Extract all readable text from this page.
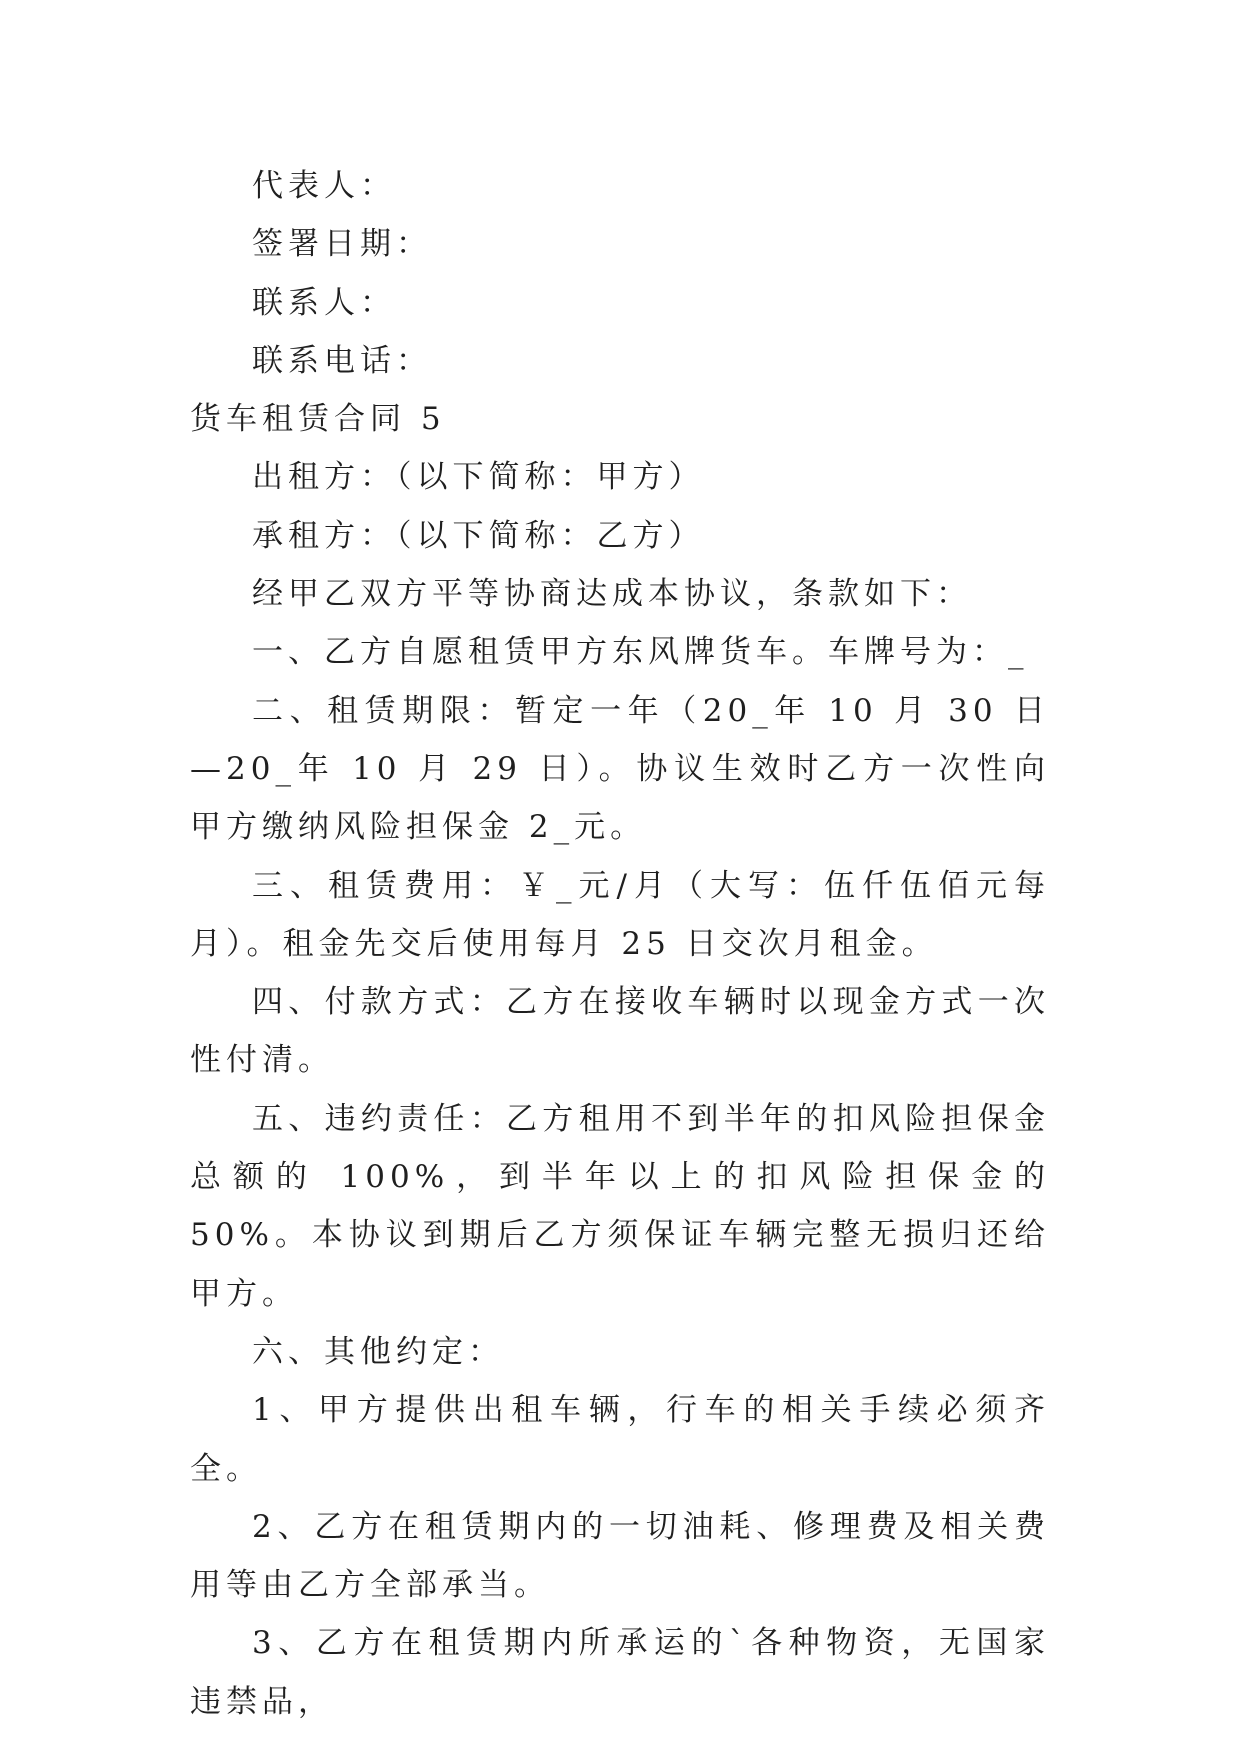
代表人：

签署日期：

联系人：

联系电话：

货车租赁合同 5

出租方：（以下简称：甲方）

承租方：（以下简称：乙方）

经甲乙双方平等协商达成本协议，条款如下：

一、乙方自愿租赁甲方东风牌货车。车牌号为：_

二、租赁期限：暂定一年（20_年 10 月 30 日—20_年 10 月 29 日）。协议生效时乙方一次性向甲方缴纳风险担保金 2_元。

三、租赁费用：￥_元/月（大写：伍仟伍佰元每月）。租金先交后使用每月 25 日交次月租金。

四、付款方式：乙方在接收车辆时以现金方式一次性付清。

五、违约责任：乙方租用不到半年的扣风险担保金总额的 100%，到半年以上的扣风险担保金的 50%。本协议到期后乙方须保证车辆完整无损归还给甲方。

六、其他约定：

1、甲方提供出租车辆，行车的相关手续必须齐全。

2、乙方在租赁期内的一切油耗、修理费及相关费用等由乙方全部承当。

3、乙方在租赁期内所承运的`各种物资，无国家违禁品，
